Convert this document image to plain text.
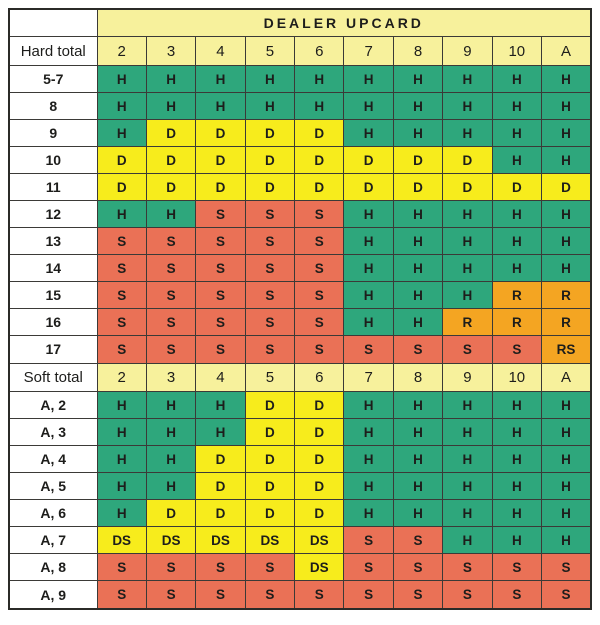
	DEALER UPCARD									
Hard total	2	3	4	5	6	7	8	9	10	A
5-7	H	H	H	H	H	H	H	H	H	H
8	H	H	H	H	H	H	H	H	H	H
9	H	D	D	D	D	H	H	H	H	H
10	D	D	D	D	D	D	D	D	H	H
11	D	D	D	D	D	D	D	D	D	D
12	H	H	S	S	S	H	H	H	H	H
13	S	S	S	S	S	H	H	H	H	H
14	S	S	S	S	S	H	H	H	H	H
15	S	S	S	S	S	H	H	H	R	R
16	S	S	S	S	S	H	H	R	R	R
17	S	S	S	S	S	S	S	S	S	RS
Soft total	2	3	4	5	6	7	8	9	10	A
A, 2	H	H	H	D	D	H	H	H	H	H
A, 3	H	H	H	D	D	H	H	H	H	H
A, 4	H	H	D	D	D	H	H	H	H	H
A, 5	H	H	D	D	D	H	H	H	H	H
A, 6	H	D	D	D	D	H	H	H	H	H
A, 7	DS	DS	DS	DS	DS	S	S	H	H	H
A, 8	S	S	S	S	DS	S	S	S	S	S
A, 9	S	S	S	S	S	S	S	S	S	S
